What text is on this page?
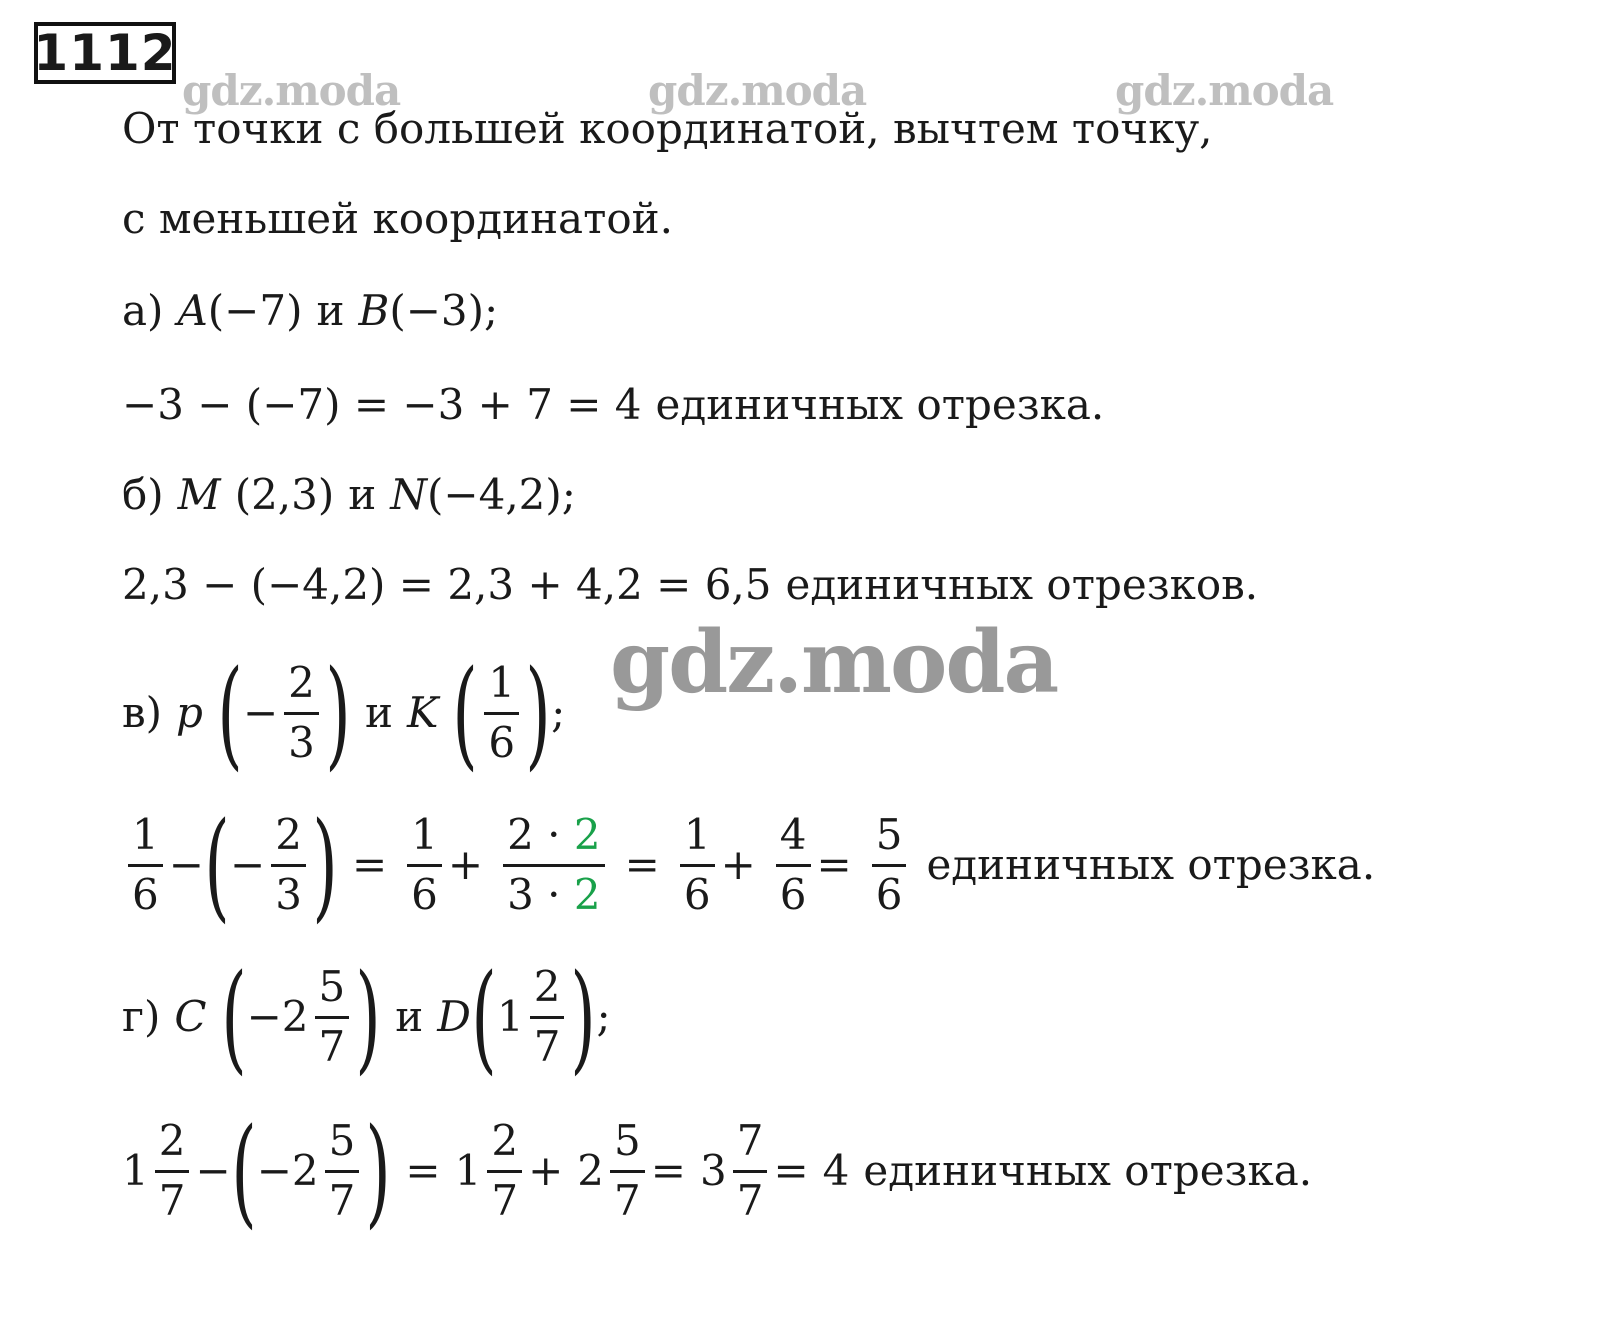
1112
gdz.moda	gdz.moda	gdz.moda
gdz.moda
От точки с большей координатой, вычтем точку,
с меньшей координатой.
а) A (−7) и B (−3);
−3 − (−7) = −3 + 7 = 4 единичных отрезка.
б) M (2,3) и N (−4,2);
2,3 − (−4,2) = 2,3 + 4,2 = 6,5 единичных отрезков.
в) p ( − $\frac{2}{3}$ ) и K ( $\frac{1}{6}$ ) ;
$\frac{1}{6}$ − ( − $\frac{2}{3}$ ) = $\frac{1}{6} + \frac{2 \cdot 2}{3 \cdot 2} = \frac{1}{6} + \frac{4}{6} = \frac{5}{6}$ единичных отрезка.
г) C ( $-2 \frac{5}{7}$ ) и D ( $1 \frac{2}{7}$ ) ;
$1 \frac{2}{7}$ − ( $-2 \frac{5}{7}$ ) = $1 \frac{2}{7} + 2 \frac{5}{7} = 3 \frac{7}{7} = 4$ единичных отрезка.
